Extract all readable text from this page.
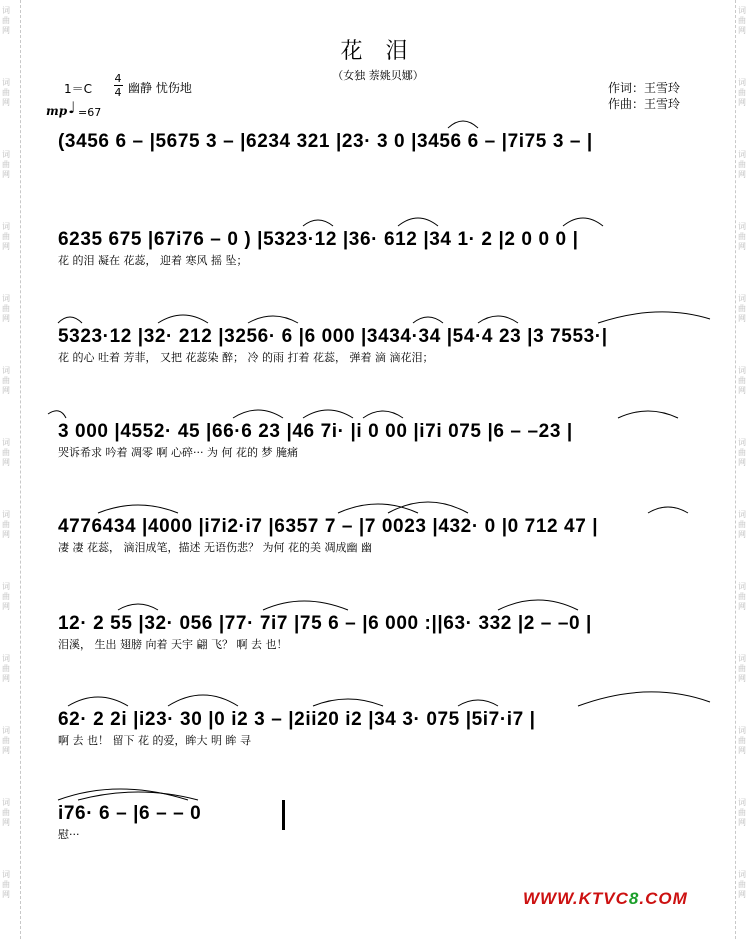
词
曲
网
词
曲
网
词
曲
网
词
曲
网
词
曲
网
词
曲
网
词
曲
网
词
曲
网
词
曲
网
词
曲
网
词
曲
网
词
曲
网
词
曲
网
词
曲
网
词
曲
网
词
曲
网
词
曲
网
词
曲
网
词
曲
网
词
曲
网
词
曲
网
词
曲
网
词
曲
网
词
曲
网
词
曲
网
词
曲
网
花 泪
（女独 萘姚贝娜）
1＝C
4
4 幽静 忧伤地
mp ♩ =67
作词：王雪玲
作曲：王雪玲
(3456 6 – |5675 3 – |6234 321 |23· 3 0 |3456 6 – |7i75 3 – |
6235 675 |67i76 – 0 ) |5323·12 |36· 612 |34 1· 2 |2 0 0 0 |
花 的泪 凝在 花蕊， 迎着 寒风 摇 坠；
5323·12 |32· 212 |3256· 6 |6 000 |3434·34 |54·4 23 |3 7553·|
花 的心 吐着 芳菲， 又把 花蕊染 醉； 冷 的雨 打着 花蕊， 弹着 滴 滴花泪；
3 000 |4552· 45 |66·6 23 |46 7i· |i 0 00 |i7i 075 |6 – –23 |
哭诉希求 吟着 凋零 啊 心碎··· 为 何 花的 梦 腌痛
4776434 |4000 |i7i2·i7 |6357 7 – |7 0023 |432· 0 |0 712 47 |
凄 凄 花蕊， 滴泪成笔，描述 无语伤悲？ 为何 花的美 凋成幽 幽
12· 2 55 |32· 056 |77· 7i7 |75 6 – |6 000 :||63· 332 |2 – –0 |
泪溪， 生出 翅膀 向着 天宇 翩 飞？ 啊 去 也！
62· 2 2i |i23· 30 |0 i2 3 – |2ii20 i2 |34 3· 075 |5i7·i7 |
啊 去 也！ 留下 花 的爱，眸大 明 眸 寻
i76· 6 – |6 – – 0
慰···
WWW.KTVC8.COM
